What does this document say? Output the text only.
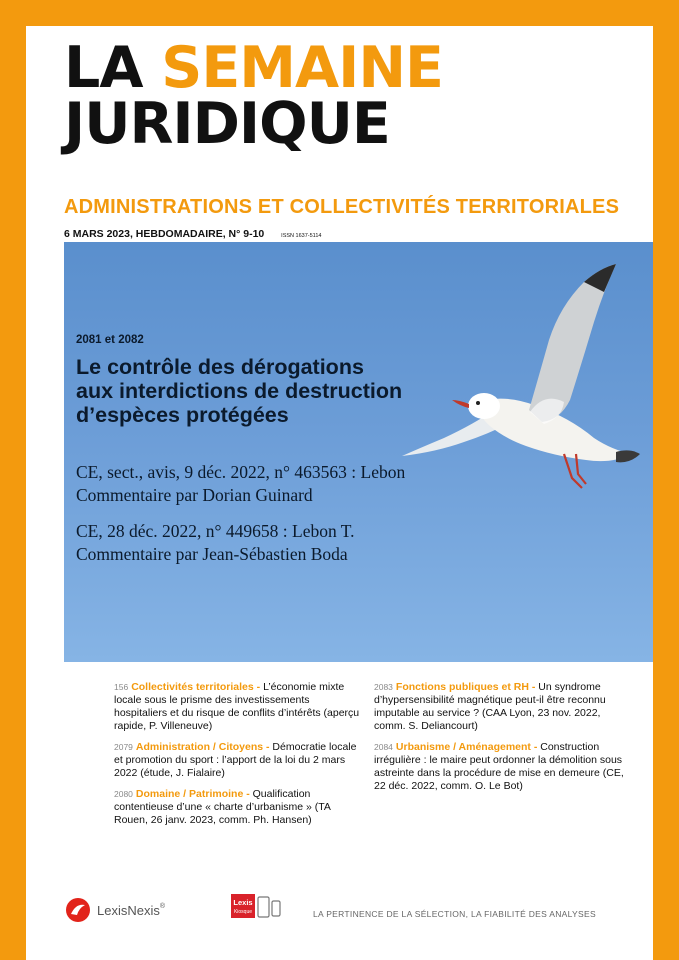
LA SEMAINE
JURIDIQUE
ADMINISTRATIONS ET COLLECTIVITÉS TERRITORIALES
6 MARS 2023, HEBDOMADAIRE, N° 9-10	ISSN 1637-5114
2081 et 2082
Le contrôle des dérogations
aux interdictions de destruction
d’espèces protégées
CE, sect., avis, 9 déc. 2022, n° 463563 : Lebon
Commentaire par Dorian Guinard
CE, 28 déc. 2022, n° 449658 : Lebon T.
Commentaire par Jean-Sébastien Boda
156 Collectivités territoriales - L’économie mixte locale sous le prisme des investissements hospitaliers et du risque de conflits d’intérêts (aperçu rapide, P. Villeneuve)
2079 Administration / Citoyens - Démocratie locale et promotion du sport : l’apport de la loi du 2 mars 2022 (étude, J. Fialaire)
2080 Domaine / Patrimoine - Qualification contentieuse d’une « charte d’urbanisme » (TA Rouen, 26 janv. 2023, comm. Ph. Hansen)
2083 Fonctions publiques et RH - Un syndrome d’hypersensibilité magnétique peut-il être reconnu imputable au service ? (CAA Lyon, 23 nov. 2022, comm. S. Deliancourt)
2084 Urbanisme / Aménagement - Construction irrégulière : le maire peut ordonner la démolition sous astreinte dans la procédure de mise en demeure (CE, 22 déc. 2022, comm. O. Le Bot)
LexisNexis®	Lexis
Kiosque	LA PERTINENCE DE LA SÉLECTION, LA FIABILITÉ DES ANALYSES
